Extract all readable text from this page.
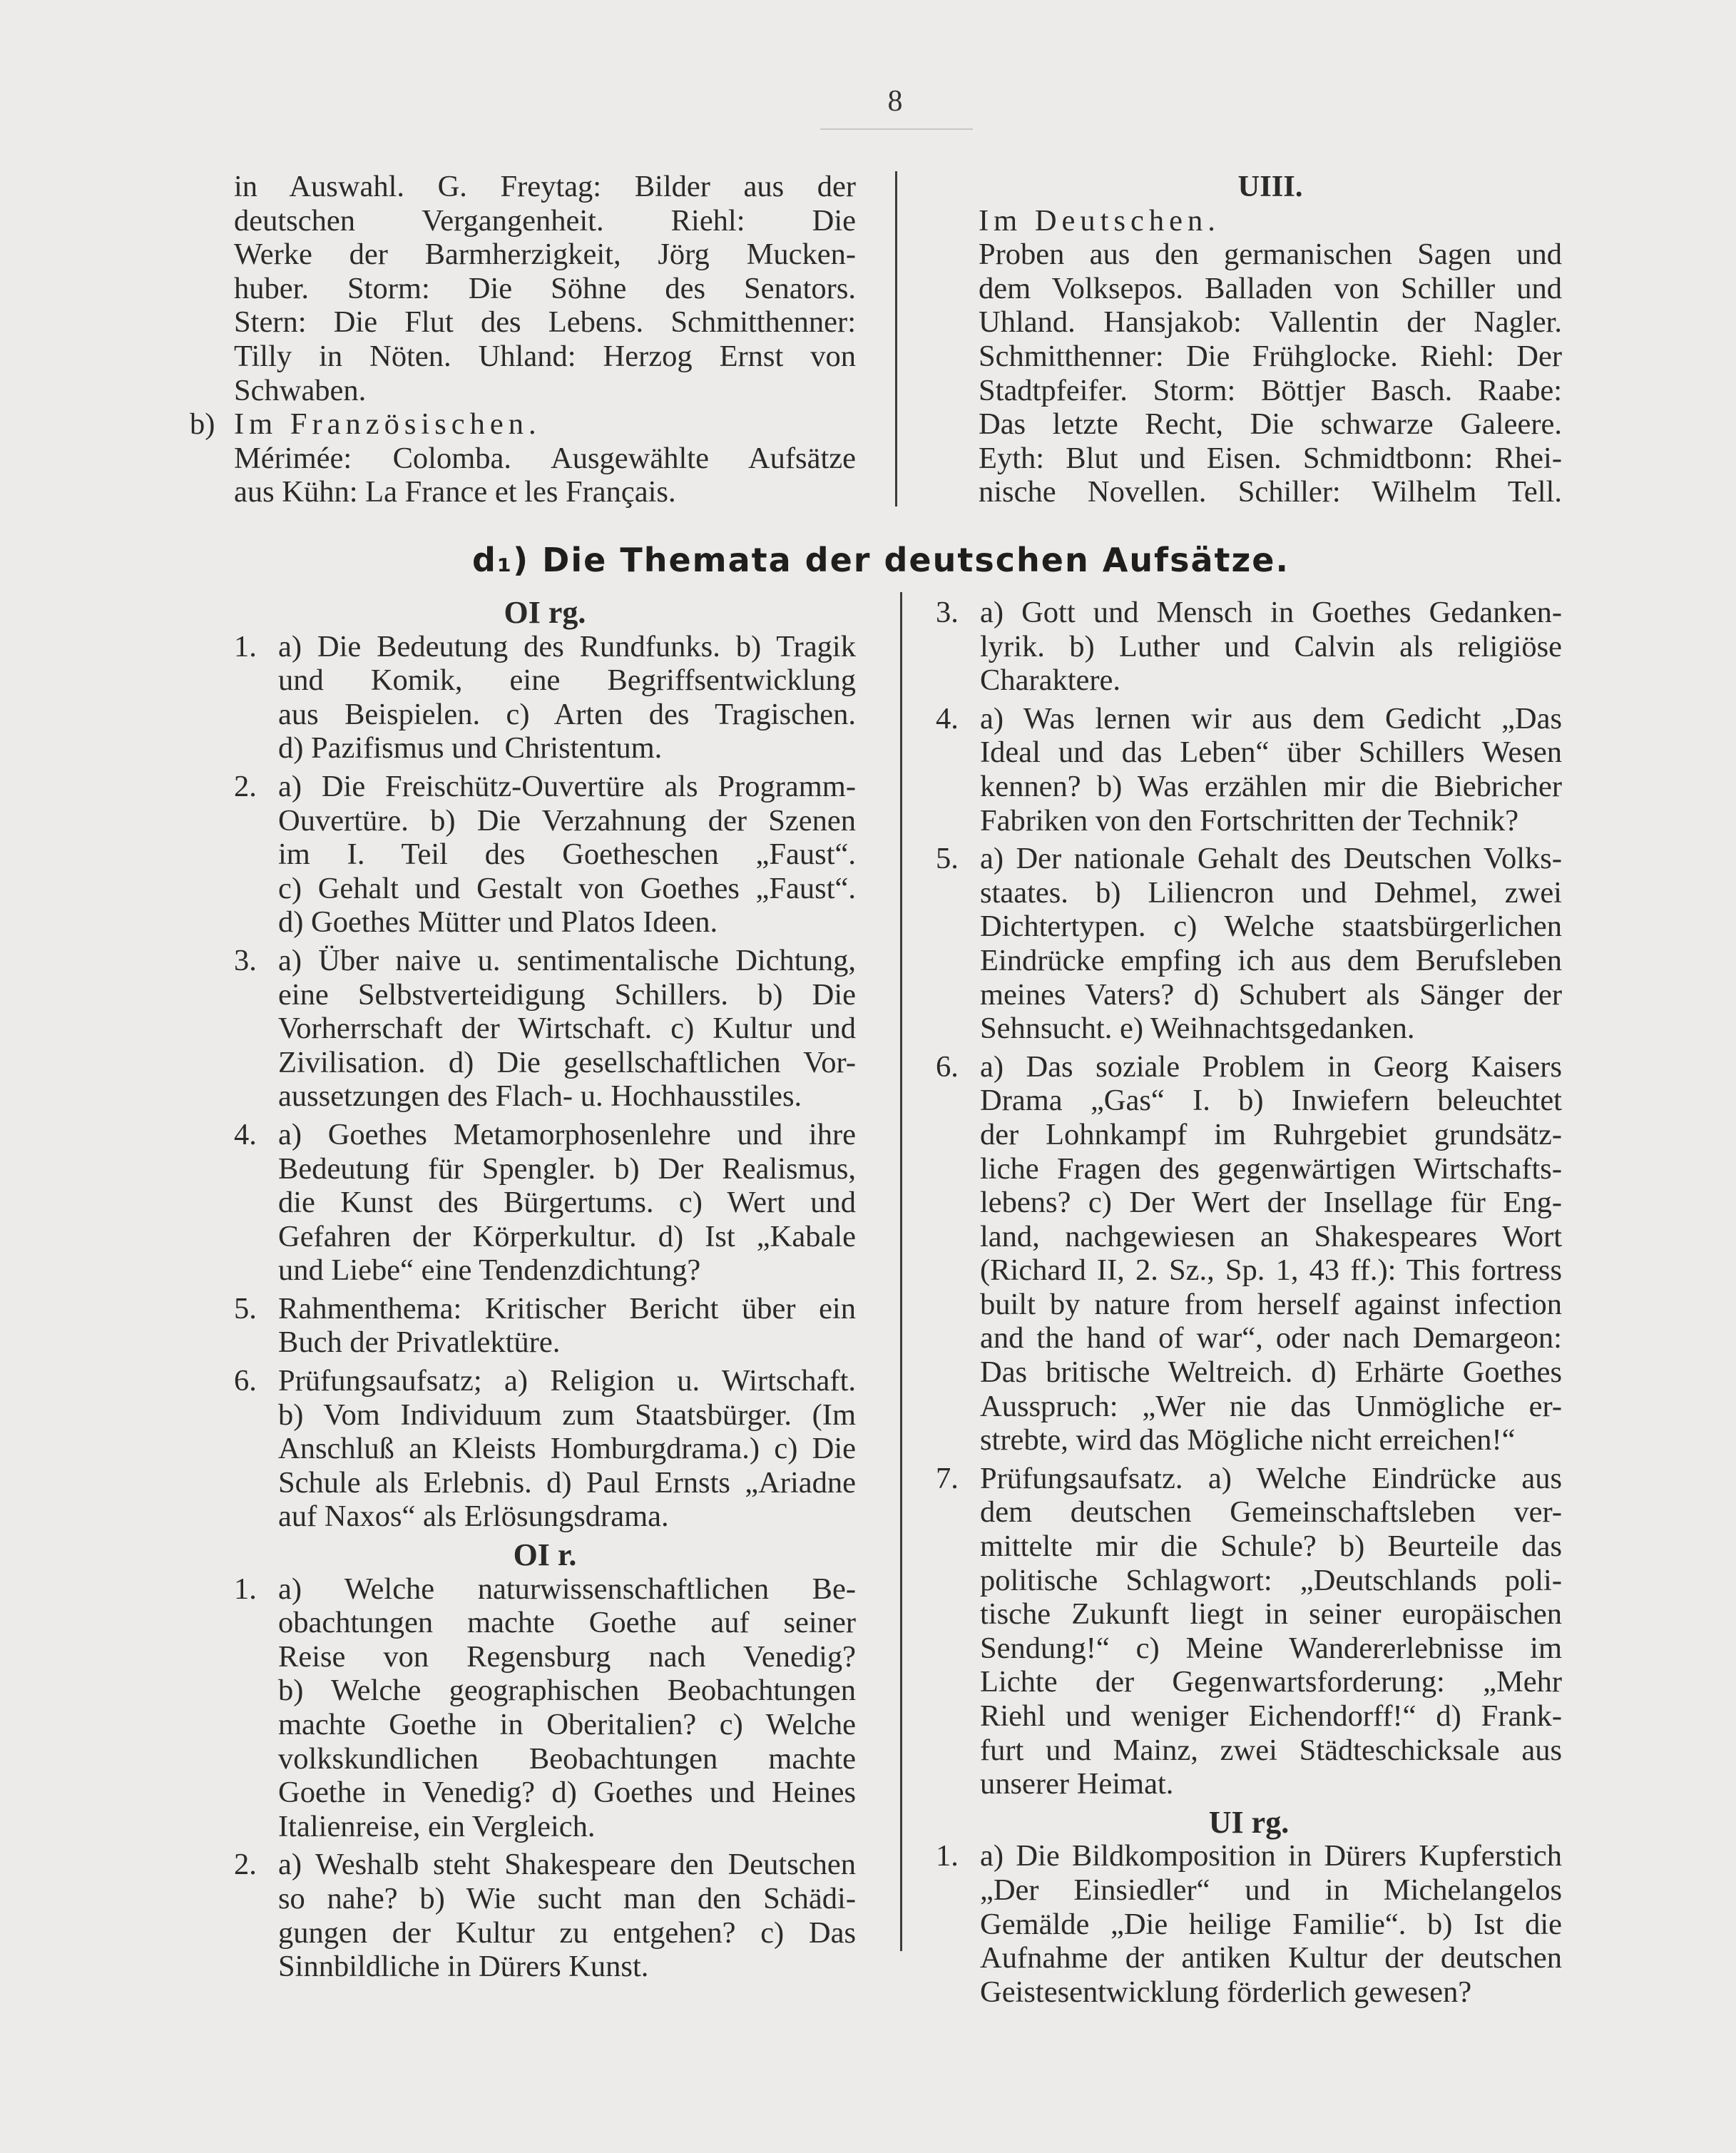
8

in Auswahl. G. Freytag: Bilder aus der

deutschen Vergangenheit. Riehl: Die

Werke der Barmherzigkeit, Jörg Mucken-

huber. Storm: Die Söhne des Senators.

Stern: Die Flut des Lebens. Schmitthenner:

Tilly in Nöten. Uhland: Herzog Ernst von

Schwaben.

b) Im Französischen.

Mérimée: Colomba. Ausgewählte Aufsätze

aus Kühn: La France et les Français.

UIII.

Im Deutschen.

Proben aus den germanischen Sagen und

dem Volksepos. Balladen von Schiller und

Uhland. Hansjakob: Vallentin der Nagler.

Schmitthenner: Die Frühglocke. Riehl: Der

Stadtpfeifer. Storm: Böttjer Basch. Raabe:

Das letzte Recht, Die schwarze Galeere.

Eyth: Blut und Eisen. Schmidtbonn: Rhei-

nische Novellen. Schiller: Wilhelm Tell.

d₁) Die Themata der deutschen Aufsätze.

OI rg.

1. a) Die Bedeutung des Rundfunks. b) Tragik

und Komik, eine Begriffsentwicklung

aus Beispielen. c) Arten des Tragischen.

d) Pazifismus und Christentum.

2. a) Die Freischütz-Ouvertüre als Programm-

Ouvertüre. b) Die Verzahnung der Szenen

im I. Teil des Goetheschen „Faust“.

c) Gehalt und Gestalt von Goethes „Faust“.

d) Goethes Mütter und Platos Ideen.

3. a) Über naive u. sentimentalische Dichtung,

eine Selbstverteidigung Schillers. b) Die

Vorherrschaft der Wirtschaft. c) Kultur und

Zivilisation. d) Die gesellschaftlichen Vor-

aussetzungen des Flach- u. Hochhausstiles.

4. a) Goethes Metamorphosenlehre und ihre

Bedeutung für Spengler. b) Der Realismus,

die Kunst des Bürgertums. c) Wert und

Gefahren der Körperkultur. d) Ist „Kabale

und Liebe“ eine Tendenzdichtung?

5. Rahmenthema: Kritischer Bericht über ein

Buch der Privatlektüre.

6. Prüfungsaufsatz; a) Religion u. Wirtschaft.

b) Vom Individuum zum Staatsbürger. (Im

Anschluß an Kleists Homburgdrama.) c) Die

Schule als Erlebnis. d) Paul Ernsts „Ariadne

auf Naxos“ als Erlösungsdrama.

OI r.

1. a) Welche naturwissenschaftlichen Be-

obachtungen machte Goethe auf seiner

Reise von Regensburg nach Venedig?

b) Welche geographischen Beobachtungen

machte Goethe in Oberitalien? c) Welche

volkskundlichen Beobachtungen machte

Goethe in Venedig? d) Goethes und Heines

Italienreise, ein Vergleich.

2. a) Weshalb steht Shakespeare den Deutschen

so nahe? b) Wie sucht man den Schädi-

gungen der Kultur zu entgehen? c) Das

Sinnbildliche in Dürers Kunst.

3. a) Gott und Mensch in Goethes Gedanken-

lyrik. b) Luther und Calvin als religiöse

Charaktere.

4. a) Was lernen wir aus dem Gedicht „Das

Ideal und das Leben“ über Schillers Wesen

kennen? b) Was erzählen mir die Biebricher

Fabriken von den Fortschritten der Technik?

5. a) Der nationale Gehalt des Deutschen Volks-

staates. b) Liliencron und Dehmel, zwei

Dichtertypen. c) Welche staatsbürgerlichen

Eindrücke empfing ich aus dem Berufsleben

meines Vaters? d) Schubert als Sänger der

Sehnsucht. e) Weihnachtsgedanken.

6. a) Das soziale Problem in Georg Kaisers

Drama „Gas“ I. b) Inwiefern beleuchtet

der Lohnkampf im Ruhrgebiet grundsätz-

liche Fragen des gegenwärtigen Wirtschafts-

lebens? c) Der Wert der Insellage für Eng-

land, nachgewiesen an Shakespeares Wort

(Richard II, 2. Sz., Sp. 1, 43 ff.): This fortress

built by nature from herself against infection

and the hand of war“, oder nach Demargeon:

Das britische Weltreich. d) Erhärte Goethes

Ausspruch: „Wer nie das Unmögliche er-

strebte, wird das Mögliche nicht erreichen!“

7. Prüfungsaufsatz. a) Welche Eindrücke aus

dem deutschen Gemeinschaftsleben ver-

mittelte mir die Schule? b) Beurteile das

politische Schlagwort: „Deutschlands poli-

tische Zukunft liegt in seiner europäischen

Sendung!“ c) Meine Wandererlebnisse im

Lichte der Gegenwartsforderung: „Mehr

Riehl und weniger Eichendorff!“ d) Frank-

furt und Mainz, zwei Städteschicksale aus

unserer Heimat.

UI rg.

1. a) Die Bildkomposition in Dürers Kupferstich

„Der Einsiedler“ und in Michelangelos

Gemälde „Die heilige Familie“. b) Ist die

Aufnahme der antiken Kultur der deutschen

Geistesentwicklung förderlich gewesen?
